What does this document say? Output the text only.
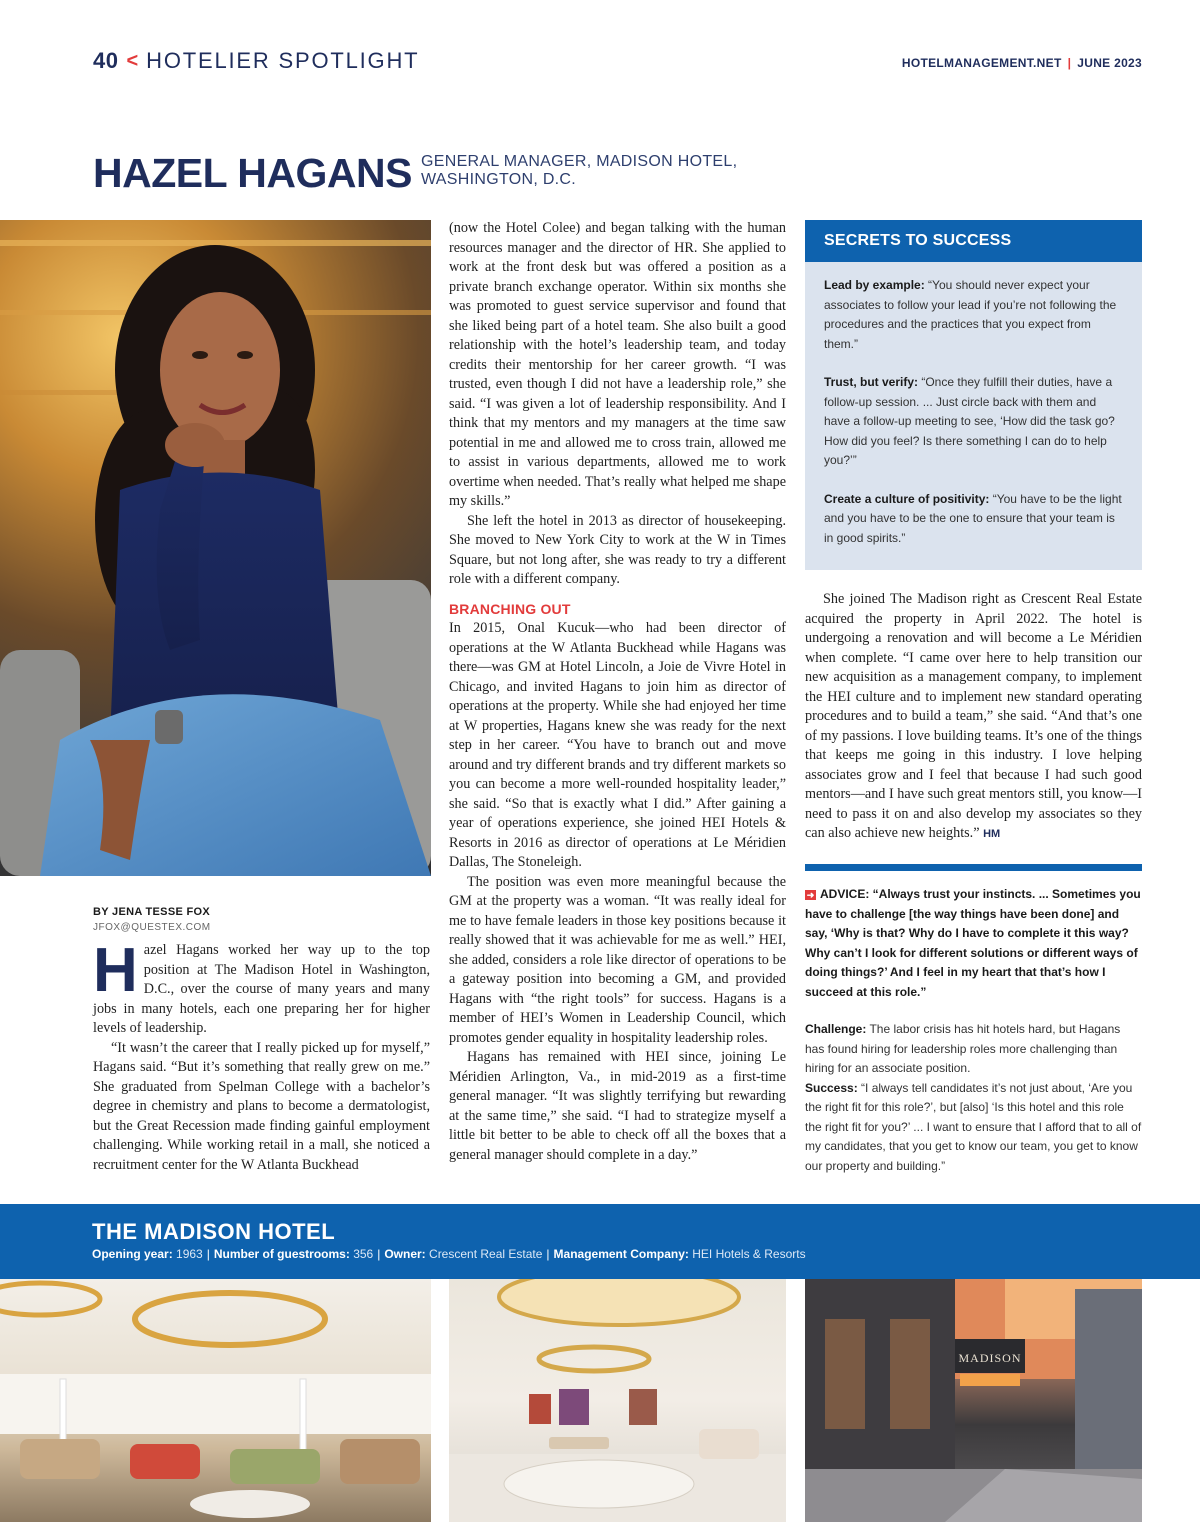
40 < HOTELIER SPOTLIGHT	HOTELMANAGEMENT.NET | JUNE 2023
HAZEL HAGANS GENERAL MANAGER, MADISON HOTEL,
WASHINGTON, D.C.
BY JENA TESSE FOX
JFOX@QUESTEX.COM

Hazel Hagans worked her way up to the top position at The Madison Hotel in Washington, D.C., over the course of many years and many jobs in many hotels, each one preparing her for higher levels of leadership.

“It wasn’t the career that I really picked up for myself,” Hagans said. “But it’s something that really grew on me.” She graduated from Spelman College with a bachelor’s degree in chemistry and plans to become a dermatologist, but the Great Recession made finding gainful employment challenging. While working retail in a mall, she noticed a recruitment center for the W Atlanta Buckhead

(now the Hotel Colee) and began talking with the human resources manager and the director of HR. She applied to work at the front desk but was offered a position as a private branch exchange operator. Within six months she was promoted to guest service supervisor and found that she liked being part of a hotel team. She also built a good relationship with the hotel’s leadership team, and today credits their mentorship for her career growth. “I was trusted, even though I did not have a leadership role,” she said. “I was given a lot of leadership responsibility. And I think that my mentors and my managers at the time saw potential in me and allowed me to cross train, allowed me to assist in various departments, allowed me to work overtime when needed. That’s really what helped me shape my skills.”

She left the hotel in 2013 as director of housekeeping. She moved to New York City to work at the W in Times Square, but not long after, she was ready to try a different role with a different company.

BRANCHING OUT

In 2015, Onal Kucuk—who had been director of operations at the W Atlanta Buckhead while Hagans was there—was GM at Hotel Lincoln, a Joie de Vivre Hotel in Chicago, and invited Hagans to join him as director of operations at the property. While she had enjoyed her time at W properties, Hagans knew she was ready for the next step in her career. “You have to branch out and move around and try different brands and try different markets so you can become a more well-rounded hospitality leader,” she said. “So that is exactly what I did.” After gaining a year of operations experience, she joined HEI Hotels & Resorts in 2016 as director of operations at Le Méridien Dallas, The Stoneleigh.

The position was even more meaningful because the GM at the property was a woman. “It was really ideal for me to have female leaders in those key positions because it really showed that it was achievable for me as well.” HEI, she added, considers a role like director of operations to be a gateway position into becoming a GM, and provided Hagans with “the right tools” for success. Hagans is a member of HEI’s Women in Leadership Council, which promotes gender equality in hospitality leadership roles.

Hagans has remained with HEI since, joining Le Méridien Arlington, Va., in mid-2019 as a first-time general manager. “It was slightly terrifying but rewarding at the same time,” she said. “I had to strategize myself a little bit better to be able to check off all the boxes that a general manager should complete in a day.”

SECRETS TO SUCCESS

Lead by example: “You should never expect your associates to follow your lead if you’re not following the procedures and the practices that you expect from them.”

Trust, but verify: “Once they fulfill their duties, have a follow-up session. ... Just circle back with them and have a follow-up meeting to see, ‘How did the task go? How did you feel? Is there something I can do to help you?’”

Create a culture of positivity: “You have to be the light and you have to be the one to ensure that your team is in good spirits.”

She joined The Madison right as Crescent Real Estate acquired the property in April 2022. The hotel is undergoing a renovation and will become a Le Méridien when complete. “I came over here to help transition our new acquisition as a management company, to implement the HEI culture and to implement new standard operating procedures and to build a team,” she said. “And that’s one of my passions. I love building teams. It’s one of the things that keeps me going in this industry. I love helping associates grow and I feel that because I had such good mentors—and I have such great mentors still, you know—I need to pass it on and also develop my associates so they can also achieve new heights.” HM

➜ ADVICE: “Always trust your instincts. ... Sometimes you have to challenge [the way things have been done] and say, ‘Why is that? Why do I have to complete it this way? Why can’t I look for different solutions or different ways of doing things?’ And I feel in my heart that that’s how I succeed at this role.”
Challenge: The labor crisis has hit hotels hard, but Hagans has found hiring for leadership roles more challenging than hiring for an associate position.
Success: “I always tell candidates it’s not just about, ‘Are you the right fit for this role?’, but [also] ‘Is this hotel and this role the right fit for you?’ ... I want to ensure that I afford that to all of my candidates, that you get to know our team, you get to know our property and building.”
THE MADISON HOTEL
Opening year: 1963 | Number of guestrooms: 356 | Owner: Crescent Real Estate | Management Company: HEI Hotels & Resorts
MADISON
